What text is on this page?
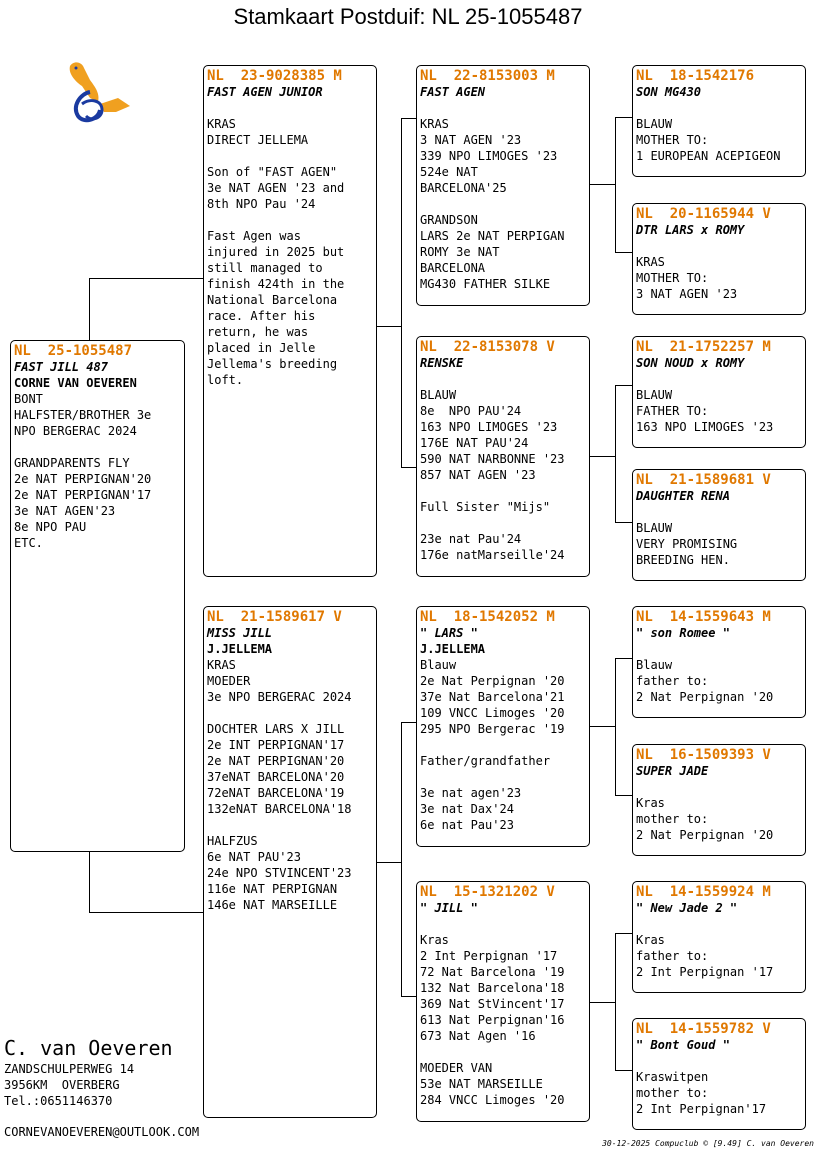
Stamkaart Postduif: NL 25-1055487
NL  25-1055487
FAST JILL 487
CORNE VAN OEVEREN
BONT
HALFSTER/BROTHER 3e
NPO BERGERAC 2024

GRANDPARENTS FLY
2e NAT PERPIGNAN'20
2e NAT PERPIGNAN'17
3e NAT AGEN'23
8e NPO PAU
ETC.
NL  23-9028385 M
FAST AGEN JUNIOR
KRAS
DIRECT JELLEMA

Son of "FAST AGEN"
3e NAT AGEN '23 and
8th NPO Pau '24

Fast Agen was
injured in 2025 but
still managed to
finish 424th in the
National Barcelona
race. After his
return, he was
placed in Jelle
Jellema's breeding
loft.
NL  21-1589617 V
MISS JILL
J.JELLEMA
KRAS
MOEDER
3e NPO BERGERAC 2024

DOCHTER LARS X JILL
2e INT PERPIGNAN'17
2e NAT PERPIGNAN'20
37eNAT BARCELONA'20
72eNAT BARCELONA'19
132eNAT BARCELONA'18

HALFZUS
6e NAT PAU'23
24e NPO STVINCENT'23
116e NAT PERPIGNAN
146e NAT MARSEILLE
NL  22-8153003 M
FAST AGEN
KRAS
3 NAT AGEN '23
339 NPO LIMOGES '23
524e NAT
BARCELONA'25

GRANDSON
LARS 2e NAT PERPIGAN
ROMY 3e NAT
BARCELONA
MG430 FATHER SILKE
NL  22-8153078 V
RENSKE
BLAUW
8e  NPO PAU'24
163 NPO LIMOGES '23
176E NAT PAU'24
590 NAT NARBONNE '23
857 NAT AGEN '23

Full Sister "Mijs"

23e nat Pau'24
176e natMarseille'24
NL  18-1542052 M
" LARS "
J.JELLEMA
Blauw
2e Nat Perpignan '20
37e Nat Barcelona'21
109 VNCC Limoges '20
295 NPO Bergerac '19

Father/grandfather

3e nat agen'23
3e nat Dax'24
6e nat Pau'23
NL  15-1321202 V
" JILL "
Kras
2 Int Perpignan '17
72 Nat Barcelona '19
132 Nat Barcelona'18
369 Nat StVincent'17
613 Nat Perpignan'16
673 Nat Agen '16

MOEDER VAN
53e NAT MARSEILLE
284 VNCC Limoges '20
NL  18-1542176
SON MG430
BLAUW
MOTHER TO:
1 EUROPEAN ACEPIGEON
NL  20-1165944 V
DTR LARS x ROMY
KRAS
MOTHER TO:
3 NAT AGEN '23
NL  21-1752257 M
SON NOUD x ROMY
BLAUW
FATHER TO:
163 NPO LIMOGES '23
NL  21-1589681 V
DAUGHTER RENA
BLAUW
VERY PROMISING
BREEDING HEN.
NL  14-1559643 M
" son Romee "
Blauw
father to:
2 Nat Perpignan '20
NL  16-1509393 V
SUPER JADE
Kras
mother to:
2 Nat Perpignan '20
NL  14-1559924 M
" New Jade 2 "
Kras
father to:
2 Int Perpignan '17
NL  14-1559782 V
" Bont Goud "
Kraswitpen
mother to:
2 Int Perpignan'17
C. van Oeveren
ZANDSCHULPERWEG 14
3956KM  OVERBERG
Tel.:0651146370
CORNEVANOEVEREN@OUTLOOK.COM
30-12-2025 Compuclub © [9.49] C. van Oeveren
